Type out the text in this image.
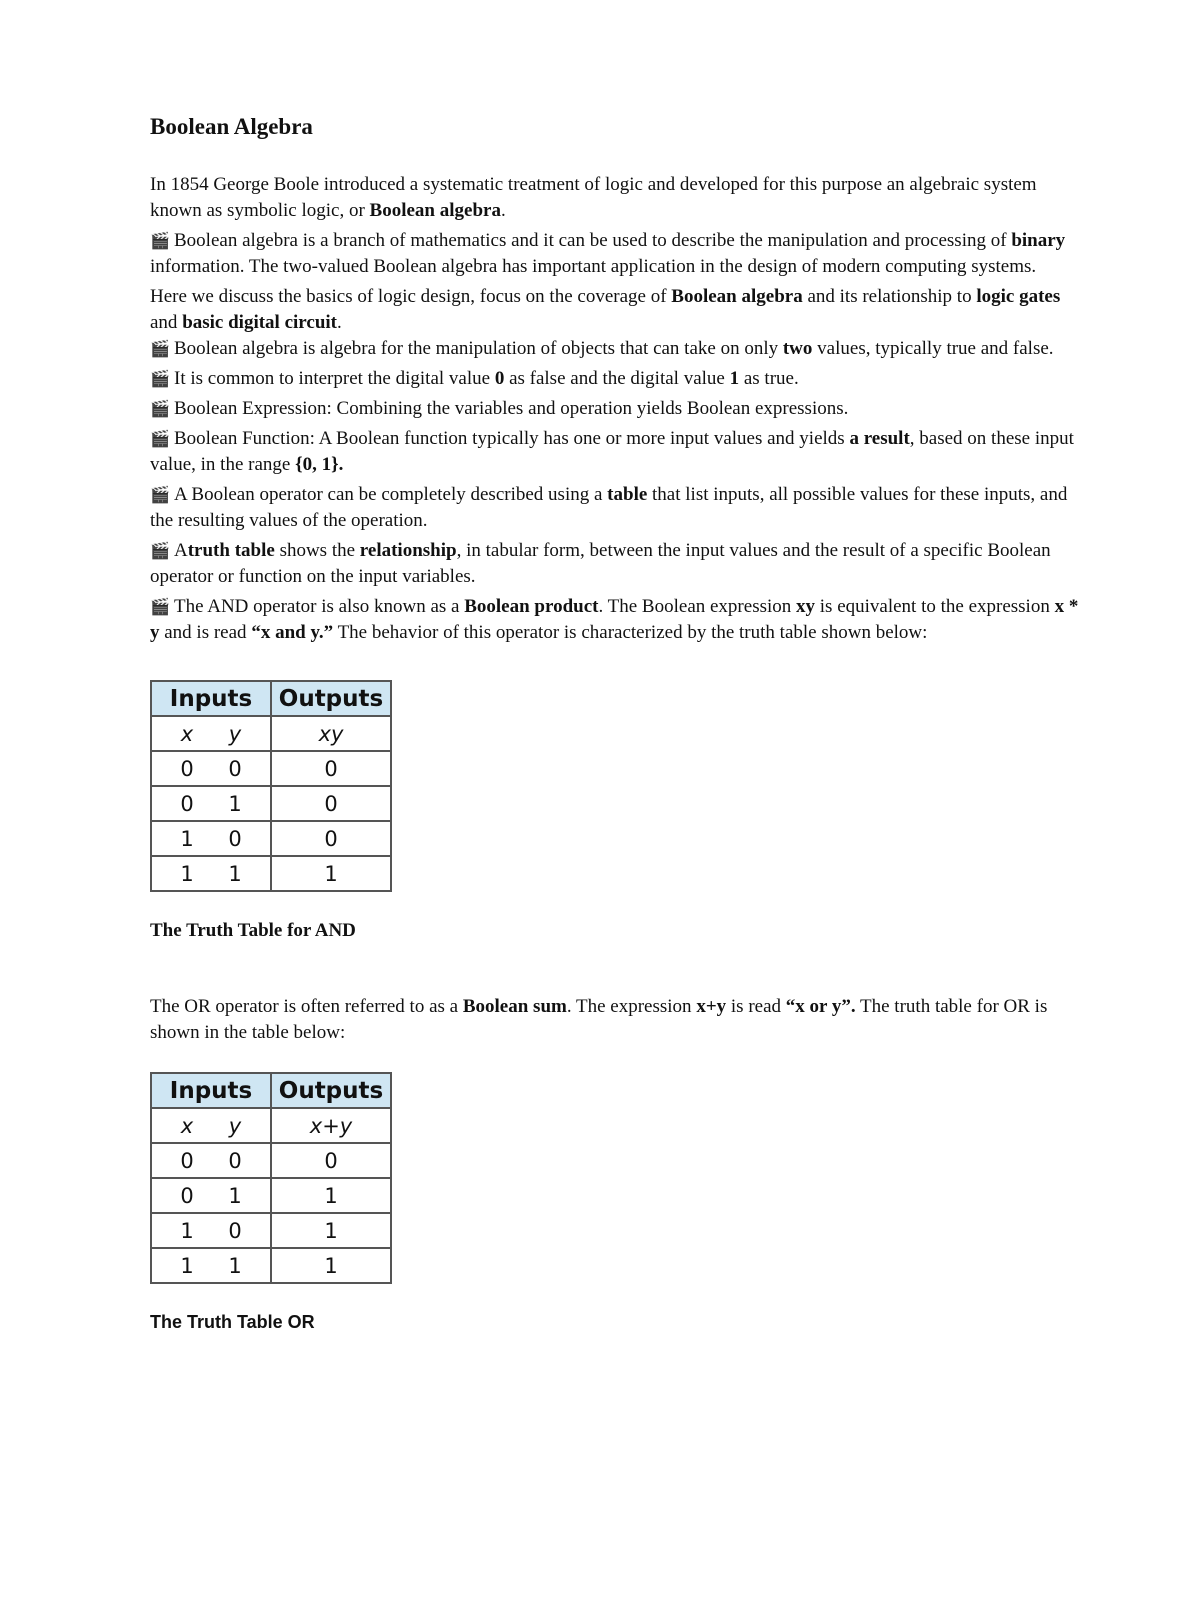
Boolean Algebra

In 1854 George Boole introduced a systematic treatment of logic and developed for this purpose an algebraic system known as symbolic logic, or Boolean algebra.

🎬 Boolean algebra is a branch of mathematics and it can be used to describe the manipulation and processing of binary information. The two-valued Boolean algebra has important application in the design of modern computing systems.

Here we discuss the basics of logic design, focus on the coverage of Boolean algebra and its relationship to logic gates and basic digital circuit.

🎬 Boolean algebra is algebra for the manipulation of objects that can take on only two values, typically true and false.

🎬 It is common to interpret the digital value 0 as false and the digital value 1 as true.

🎬 Boolean Expression: Combining the variables and operation yields Boolean expressions.

🎬 Boolean Function: A Boolean function typically has one or more input values and yields a result, based on these input value, in the range {0, 1}.

🎬 A Boolean operator can be completely described using a table that list inputs, all possible values for these inputs, and the resulting values of the operation.

🎬 Atruth table shows the relationship, in tabular form, between the input values and the result of a specific Boolean operator or function on the input variables.

🎬 The AND operator is also known as a Boolean product. The Boolean expression xy is equivalent to the expression x * y and is read “x and y.” The behavior of this operator is characterized by the truth table shown below:

Inputs	Outputs

x y	xy

0 0	0

0 1	0

1 0	0

1 1	1
The Truth Table for AND

The OR operator is often referred to as a Boolean sum. The expression x+y is read “x or y”. The truth table for OR is shown in the table below:

Inputs	Outputs

x y	x+y

0 0	0

0 1	1

1 0	1

1 1	1
The Truth Table OR
